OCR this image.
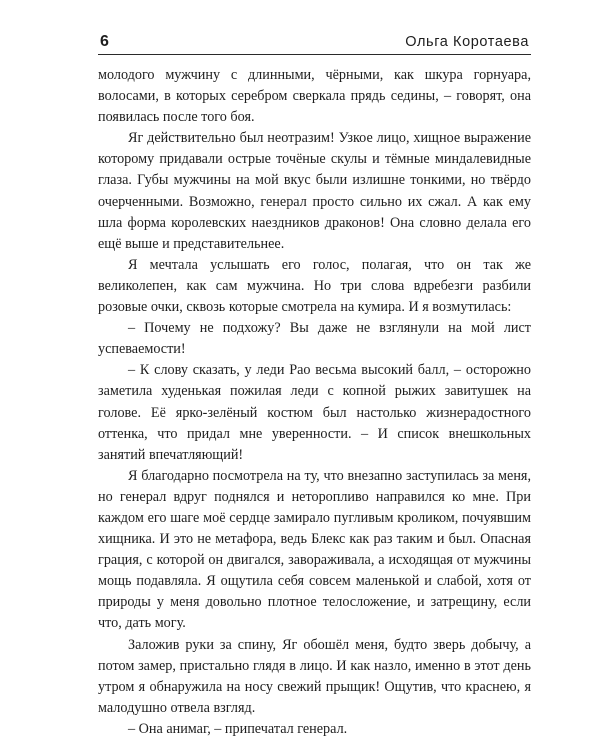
6	Ольга Коротаева

молодого мужчину с длинными, чёрными, как шкура горнуара, волосами, в которых серебром сверкала прядь седины, – говорят, она появилась после того боя.

Яг действительно был неотразим! Узкое лицо, хищное выражение которому придавали острые точёные скулы и тёмные миндалевидные глаза. Губы мужчины на мой вкус были излишне тонкими, но твёрдо очерченными. Возможно, генерал просто сильно их сжал. А как ему шла форма королевских наездников драконов! Она словно делала его ещё выше и представительнее.

Я мечтала услышать его голос, полагая, что он так же великолепен, как сам мужчина. Но три слова вдребезги разбили розовые очки, сквозь которые смотрела на кумира. И я возмутилась:

– Почему не подхожу? Вы даже не взглянули на мой лист успеваемости!

– К слову сказать, у леди Рао весьма высокий балл, – осторожно заметила худенькая пожилая леди с копной рыжих завитушек на голове. Её ярко-зелёный костюм был настолько жизнерадостного оттенка, что придал мне уверенности. – И список внешкольных занятий впечатляющий!

Я благодарно посмотрела на ту, что внезапно заступилась за меня, но генерал вдруг поднялся и неторопливо направился ко мне. При каждом его шаге моё сердце замирало пугливым кроликом, почуявшим хищника. И это не метафора, ведь Блекс как раз таким и был. Опасная грация, с которой он двигался, завораживала, а исходящая от мужчины мощь подавляла. Я ощутила себя совсем маленькой и слабой, хотя от природы у меня довольно плотное телосложение, и затрещину, если что, дать могу.

Заложив руки за спину, Яг обошёл меня, будто зверь добычу, а потом замер, пристально глядя в лицо. И как назло, именно в этот день утром я обнаружила на носу свежий прыщик! Ощутив, что краснею, я малодушно отвела взгляд.

– Она анимаг, – припечатал генерал.
